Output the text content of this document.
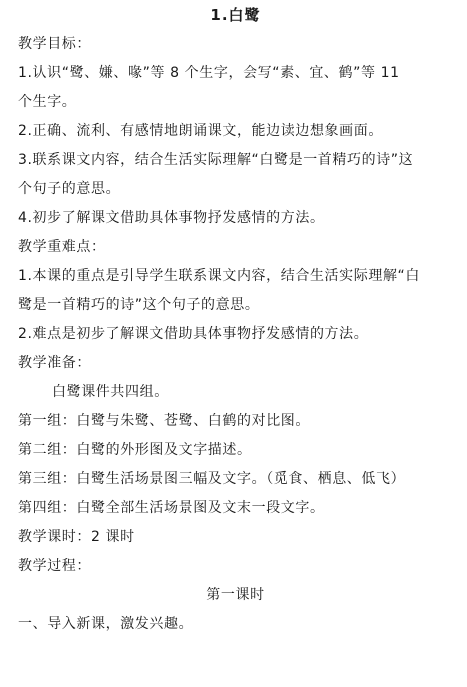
1.白鹭
教学目标：
1.认识“鹭、嫌、喙”等 8 个生字，会写“素、宜、鹤”等 11
个生字。
2.正确、流利、有感情地朗诵课文，能边读边想象画面。
3.联系课文内容，结合生活实际理解“白鹭是一首精巧的诗”这
个句子的意思。
4.初步了解课文借助具体事物抒发感情的方法。
教学重难点：
1.本课的重点是引导学生联系课文内容，结合生活实际理解“白
鹭是一首精巧的诗”这个句子的意思。
2.难点是初步了解课文借助具体事物抒发感情的方法。
教学准备：
白鹭课件共四组。
第一组：白鹭与朱鹭、苍鹭、白鹤的对比图。
第二组：白鹭的外形图及文字描述。
第三组：白鹭生活场景图三幅及文字。（觅食、栖息、低飞）
第四组：白鹭全部生活场景图及文末一段文字。
教学课时：2 课时
教学过程：
第一课时
一、导入新课，激发兴趣。
